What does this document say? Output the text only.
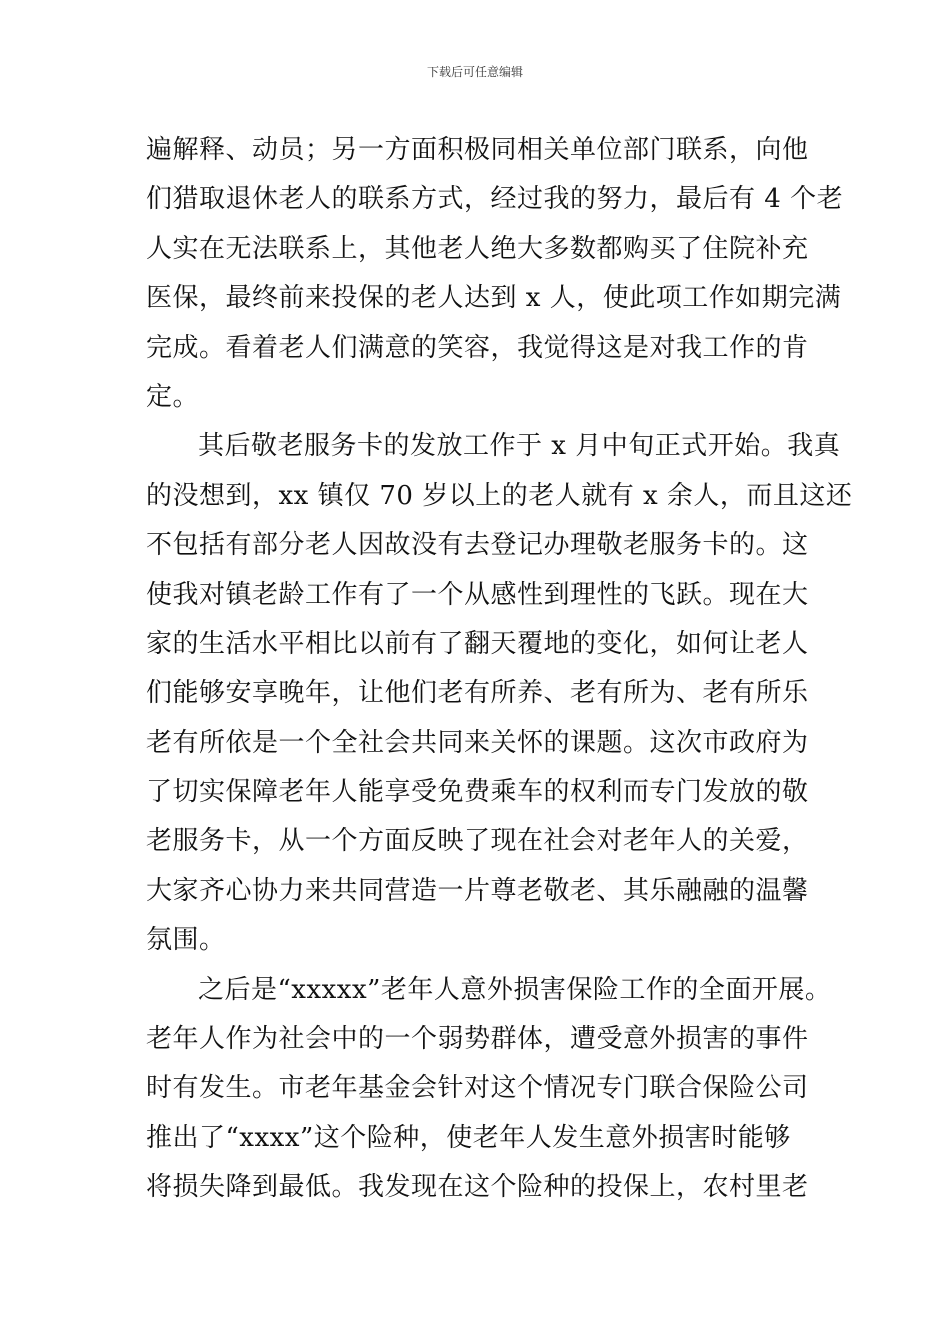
下载后可任意编辑
遍解释、动员；另一方面积极同相关单位部门联系，向他
们猎取退休老人的联系方式，经过我的努力，最后有 4 个老
人实在无法联系上，其他老人绝大多数都购买了住院补充
医保，最终前来投保的老人达到 x 人，使此项工作如期完满
完成。看着老人们满意的笑容，我觉得这是对我工作的肯
定。
其后敬老服务卡的发放工作于 x 月中旬正式开始。我真
的没想到，xx 镇仅 70 岁以上的老人就有 x 余人，而且这还
不包括有部分老人因故没有去登记办理敬老服务卡的。这
使我对镇老龄工作有了一个从感性到理性的飞跃。现在大
家的生活水平相比以前有了翻天覆地的变化，如何让老人
们能够安享晚年，让他们老有所养、老有所为、老有所乐
老有所依是一个全社会共同来关怀的课题。这次市政府为
了切实保障老年人能享受免费乘车的权利而专门发放的敬
老服务卡，从一个方面反映了现在社会对老年人的关爱，
大家齐心协力来共同营造一片尊老敬老、其乐融融的温馨
氛围。
之后是“xxxxx”老年人意外损害保险工作的全面开展。
老年人作为社会中的一个弱势群体，遭受意外损害的事件
时有发生。市老年基金会针对这个情况专门联合保险公司
推出了“xxxx”这个险种，使老年人发生意外损害时能够
将损失降到最低。我发现在这个险种的投保上，农村里老
